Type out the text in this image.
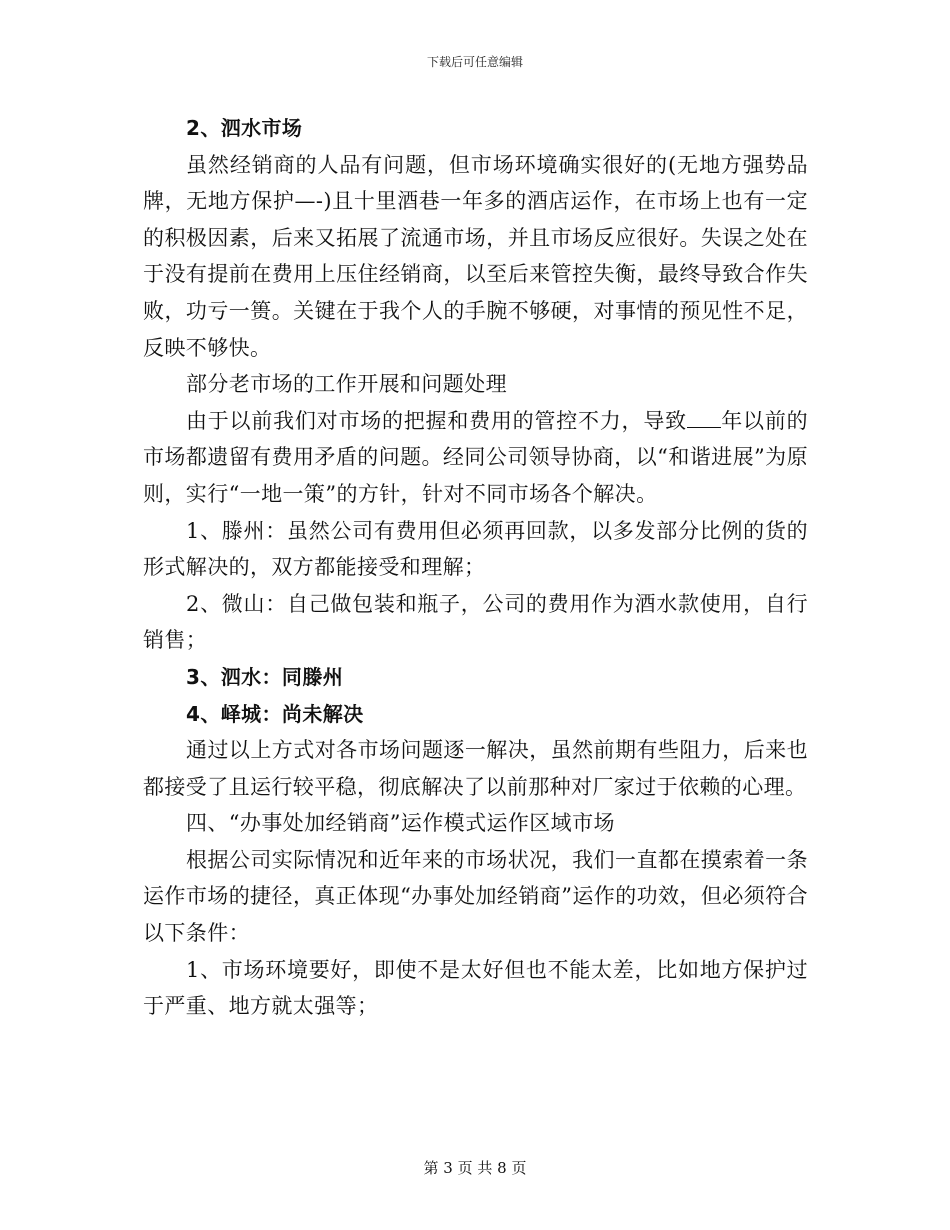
下载后可任意编辑

2、泗水市场

虽然经销商的人品有问题，但市场环境确实很好的(无地方强势品牌，无地方保护—-)且十里酒巷一年多的酒店运作，在市场上也有一定的积极因素，后来又拓展了流通市场，并且市场反应很好。失误之处在于没有提前在费用上压住经销商，以至后来管控失衡，最终导致合作失败，功亏一篑。关键在于我个人的手腕不够硬，对事情的预见性不足，反映不够快。

部分老市场的工作开展和问题处理

由于以前我们对市场的把握和费用的管控不力，导致 年以前的市场都遗留有费用矛盾的问题。经同公司领导协商，以“和谐进展”为原则，实行“一地一策”的方针，针对不同市场各个解决。

1、滕州：虽然公司有费用但必须再回款，以多发部分比例的货的形式解决的，双方都能接受和理解；

2、微山：自己做包装和瓶子，公司的费用作为酒水款使用，自行销售；

3、泗水：同滕州

4、峄城：尚未解决

通过以上方式对各市场问题逐一解决，虽然前期有些阻力，后来也都接受了且运行较平稳，彻底解决了以前那种对厂家过于依赖的心理。

四、“办事处加经销商”运作模式运作区域市场

根据公司实际情况和近年来的市场状况，我们一直都在摸索着一条运作市场的捷径，真正体现“办事处加经销商”运作的功效，但必须符合以下条件：

1、市场环境要好，即使不是太好但也不能太差，比如地方保护过于严重、地方就太强等；

第 3 页 共 8 页
